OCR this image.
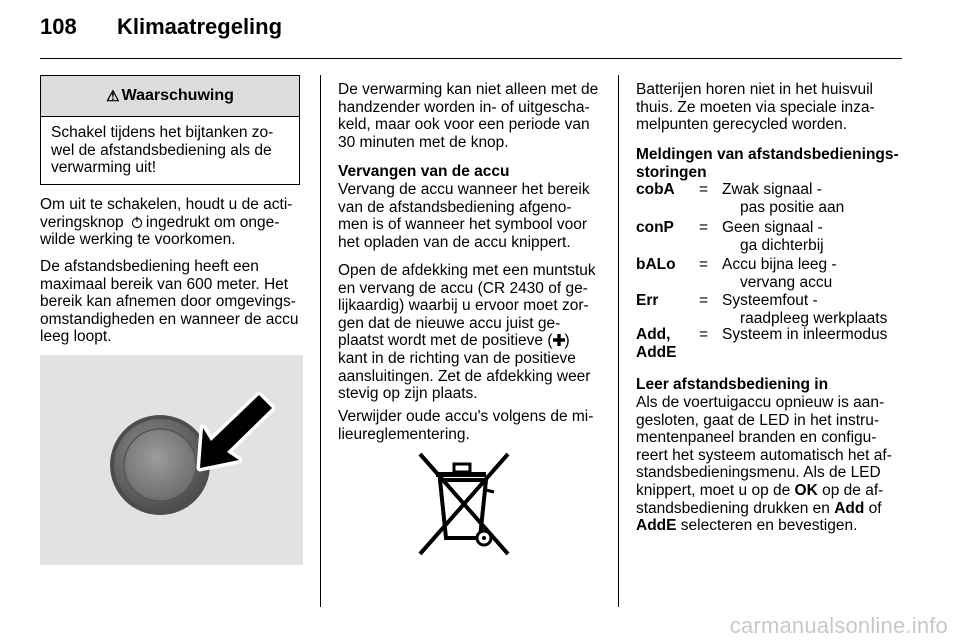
108 Klimaatregeling
⚠ Waarschuwing
Schakel tijdens het bijtanken zo-
wel de afstandsbediening als de
verwarming uit!
Om uit te schakelen, houdt u de acti-
veringsknop ingedrukt om onge-
wilde werking te voorkomen.
De afstandsbediening heeft een
maximaal bereik van 600 meter. Het
bereik kan afnemen door omgevings-
omstandigheden en wanneer de accu
leeg loopt.
De verwarming kan niet alleen met de
handzender worden in- of uitgescha-
keld, maar ook voor een periode van
30 minuten met de knop.
Vervangen van de accu
Vervang de accu wanneer het bereik
van de afstandsbediening afgeno-
men is of wanneer het symbool voor
het opladen van de accu knippert.
Open de afdekking met een muntstuk
en vervang de accu (CR 2430 of ge-
lijkaardig) waarbij u ervoor moet zor-
gen dat de nieuwe accu juist ge-
plaatst wordt met de positieve ( )
kant in de richting van de positieve
aansluitingen. Zet de afdekking weer
stevig op zijn plaats.
Verwijder oude accu's volgens de mi-
lieureglementering.
Batterijen horen niet in het huisvuil
thuis. Ze moeten via speciale inza-
melpunten gerecycled worden.
Meldingen van afstandsbedienings-
storingen
cobA = Zwak signaal -
pas positie aan
conP = Geen signaal -
ga dichterbij
bALo = Accu bijna leeg -
vervang accu
Err	= Systeemfout -
raadpleeg werkplaats
Add,
AddE
= Systeem in inleermodus
Leer afstandsbediening in
Als de voertuigaccu opnieuw is aan-
gesloten, gaat de LED in het instru-
mentenpaneel branden en configu-
reert het systeem automatisch het af-
standsbedieningsmenu. Als de LED
knippert, moet u op de OK op de af-
standsbediening drukken en Add of
AddE selecteren en bevestigen.
carmanualsonline.info
